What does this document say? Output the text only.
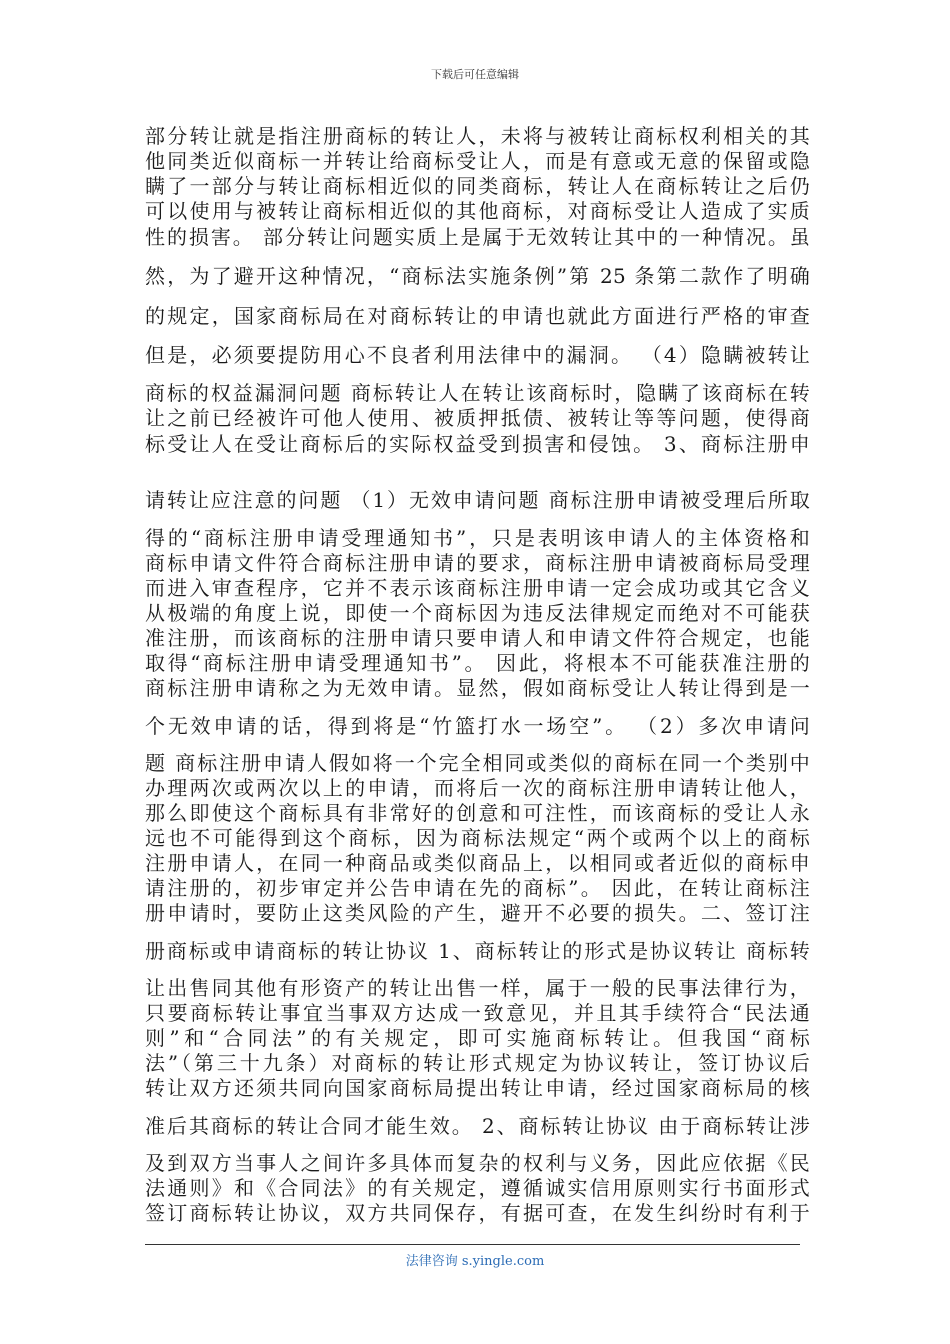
下载后可任意编辑
部分转让就是指注册商标的转让人，未将与被转让商标权利相关的其
他同类近似商标一并转让给商标受让人，而是有意或无意的保留或隐
瞒了一部分与转让商标相近似的同类商标，转让人在商标转让之后仍
可以使用与被转让商标相近似的其他商标，对商标受让人造成了实质
性的损害。 部分转让问题实质上是属于无效转让其中的一种情况。虽
然，为了避开这种情况，“商标法实施条例”第 25 条第二款作了明确
的规定，国家商标局在对商标转让的申请也就此方面进行严格的审查
但是，必须要提防用心不良者利用法律中的漏洞。 （4）隐瞒被转让
商标的权益漏洞问题 商标转让人在转让该商标时，隐瞒了该商标在转
让之前已经被许可他人使用、被质押抵债、被转让等等问题，使得商
标受让人在受让商标后的实际权益受到损害和侵蚀。 3、商标注册申
请转让应注意的问题 （1）无效申请问题 商标注册申请被受理后所取
得的“商标注册申请受理通知书”，只是表明该申请人的主体资格和
商标申请文件符合商标注册申请的要求，商标注册申请被商标局受理
而进入审查程序，它并不表示该商标注册申请一定会成功或其它含义
从极端的角度上说，即使一个商标因为违反法律规定而绝对不可能获
准注册，而该商标的注册申请只要申请人和申请文件符合规定，也能
取得“商标注册申请受理通知书”。 因此，将根本不可能获准注册的
商标注册申请称之为无效申请。显然，假如商标受让人转让得到是一
个无效申请的话，得到将是“竹篮打水一场空”。 （2）多次申请问
题 商标注册申请人假如将一个完全相同或类似的商标在同一个类别中
办理两次或两次以上的申请，而将后一次的商标注册申请转让他人，
那么即使这个商标具有非常好的创意和可注性，而该商标的受让人永
远也不可能得到这个商标，因为商标法规定“两个或两个以上的商标
注册申请人，在同一种商品或类似商品上，以相同或者近似的商标申
请注册的，初步审定并公告申请在先的商标”。 因此，在转让商标注
册申请时，要防止这类风险的产生，避开不必要的损失。二、签订注
册商标或申请商标的转让协议 1、商标转让的形式是协议转让 商标转
让出售同其他有形资产的转让出售一样，属于一般的民事法律行为，
只要商标转让事宜当事双方达成一致意见，并且其手续符合“民法通
则”和“合同法”的有关规定，即可实施商标转让。但我国“商标
法”（第三十九条）对商标的转让形式规定为协议转让，签订协议后
转让双方还须共同向国家商标局提出转让申请，经过国家商标局的核
准后其商标的转让合同才能生效。 2、商标转让协议 由于商标转让涉
及到双方当事人之间许多具体而复杂的权利与义务，因此应依据《民
法通则》和《合同法》的有关规定，遵循诚实信用原则实行书面形式
签订商标转让协议，双方共同保存，有据可查，在发生纠纷时有利于
法律咨询 s.yingle.com
